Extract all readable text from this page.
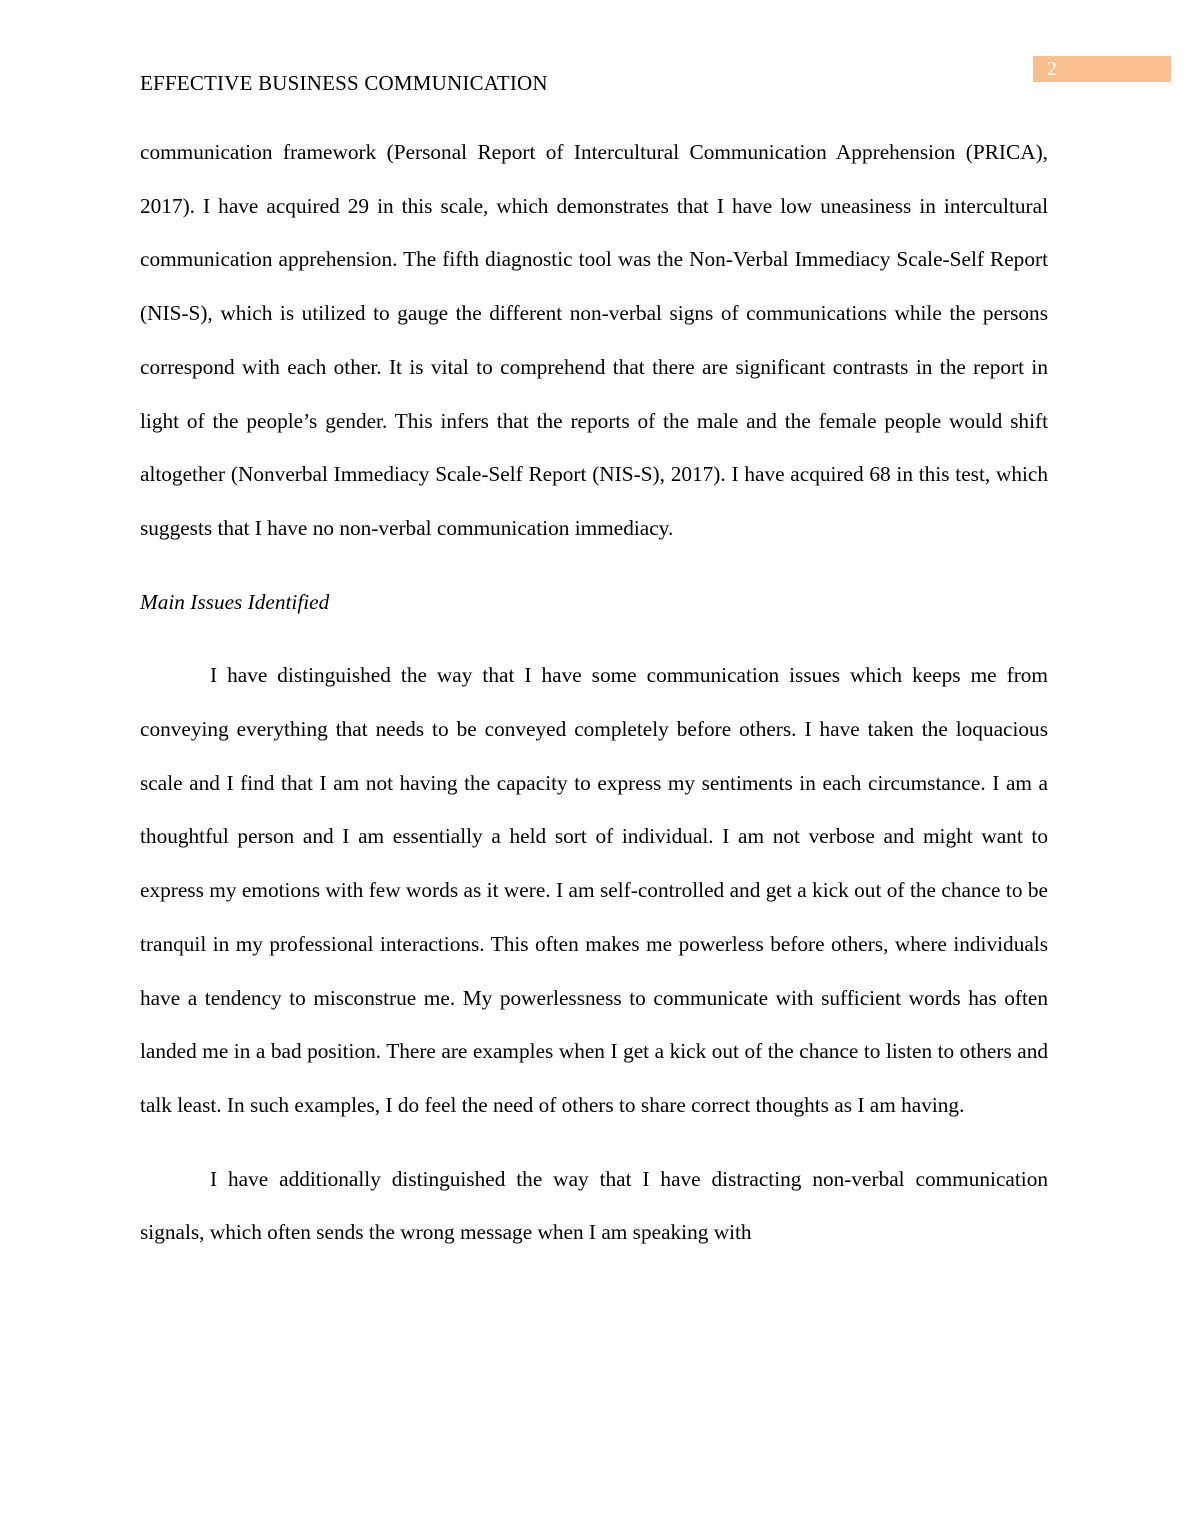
EFFECTIVE BUSINESS COMMUNICATION
2

communication framework (Personal Report of Intercultural Communication Apprehension (PRICA), 2017). I have acquired 29 in this scale, which demonstrates that I have low uneasiness in intercultural communication apprehension. The fifth diagnostic tool was the Non-Verbal Immediacy Scale-Self Report (NIS-S), which is utilized to gauge the different non-verbal signs of communications while the persons correspond with each other. It is vital to comprehend that there are significant contrasts in the report in light of the people’s gender. This infers that the reports of the male and the female people would shift altogether (Nonverbal Immediacy Scale-Self Report (NIS-S), 2017). I have acquired 68 in this test, which suggests that I have no non-verbal communication immediacy.

Main Issues Identified

I have distinguished the way that I have some communication issues which keeps me from conveying everything that needs to be conveyed completely before others. I have taken the loquacious scale and I find that I am not having the capacity to express my sentiments in each circumstance. I am a thoughtful person and I am essentially a held sort of individual. I am not verbose and might want to express my emotions with few words as it were. I am self-controlled and get a kick out of the chance to be tranquil in my professional interactions. This often makes me powerless before others, where individuals have a tendency to misconstrue me. My powerlessness to communicate with sufficient words has often landed me in a bad position. There are examples when I get a kick out of the chance to listen to others and talk least. In such examples, I do feel the need of others to share correct thoughts as I am having.

I have additionally distinguished the way that I have distracting non-verbal communication signals, which often sends the wrong message when I am speaking with
